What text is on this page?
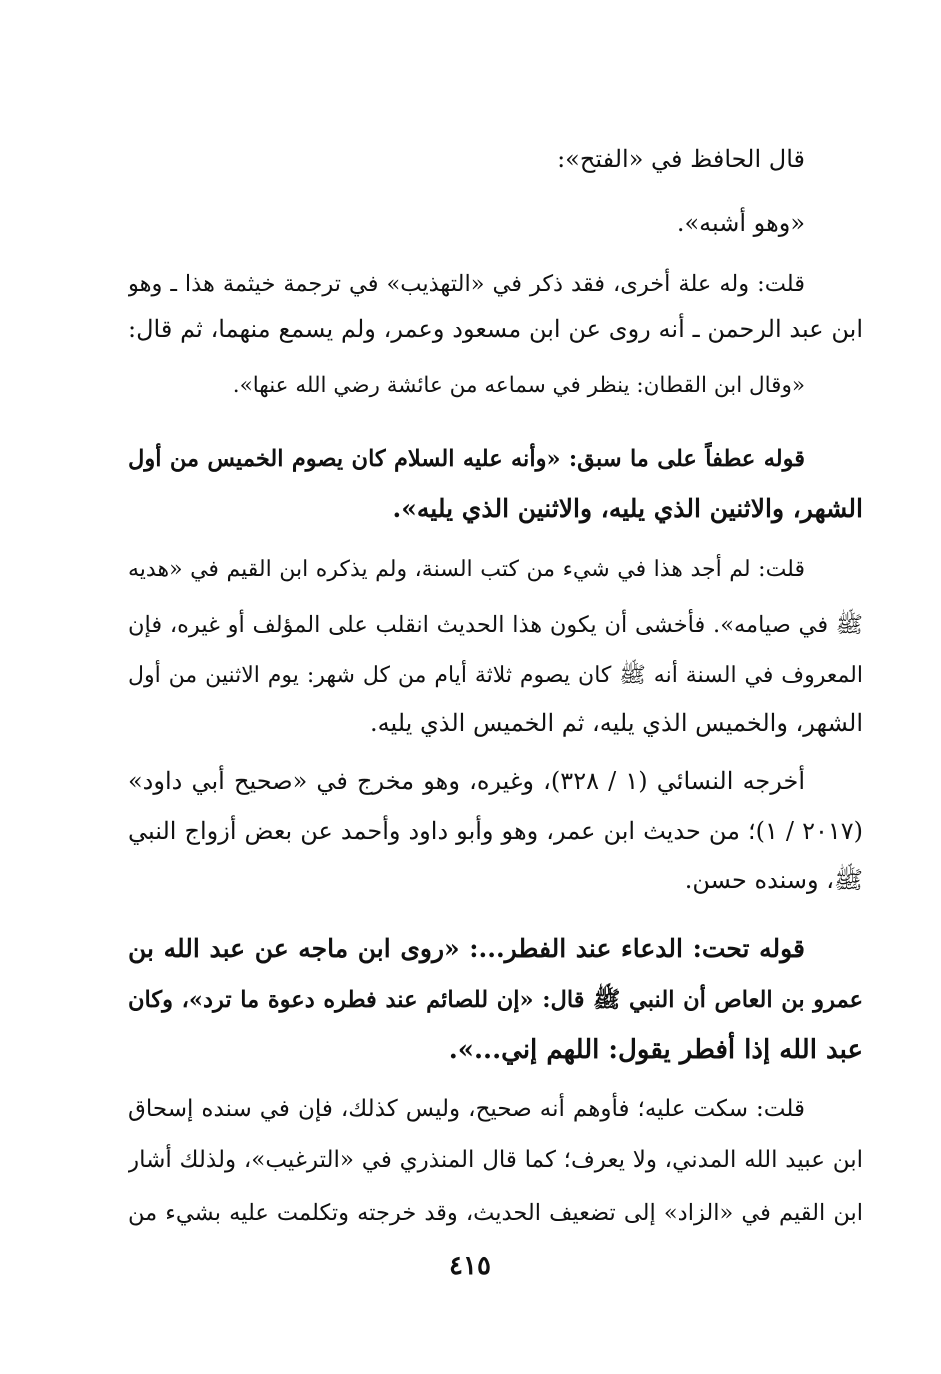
قال الحافظ في «الفتح»:
«وهو أشبه».
قلت: وله علة أخرى، فقد ذكر في «التهذيب» في ترجمة خيثمة هذا ـ وهو
ابن عبد الرحمن ـ أنه روى عن ابن مسعود وعمر، ولم يسمع منهما، ثم قال:
«وقال ابن القطان: ينظر في سماعه من عائشة رضي الله عنها».
قوله عطفاً على ما سبق: «وأنه عليه السلام كان يصوم الخميس من أول
الشهر، والاثنين الذي يليه، والاثنين الذي يليه».
قلت: لم أجد هذا في شيء من كتب السنة، ولم يذكره ابن القيم في «هديه
ﷺ في صيامه». فأخشى أن يكون هذا الحديث انقلب على المؤلف أو غيره، فإن
المعروف في السنة أنه ﷺ كان يصوم ثلاثة أيام من كل شهر: يوم الاثنين من أول
الشهر، والخميس الذي يليه، ثم الخميس الذي يليه.
أخرجه النسائي (١ / ٣٢٨)، وغيره، وهو مخرج في «صحيح أبي داود»
(٢٠١٧ / ١)؛ من حديث ابن عمر، وهو وأبو داود وأحمد عن بعض أزواج النبي
ﷺ، وسنده حسن.
قوله تحت: الدعاء عند الفطر...: «روى ابن ماجه عن عبد الله بن
عمرو بن العاص أن النبي ﷺ قال: «إن للصائم عند فطره دعوة ما ترد»، وكان
عبد الله إذا أفطر يقول: اللهم إني...».
قلت: سكت عليه؛ فأوهم أنه صحيح، وليس كذلك، فإن في سنده إسحاق
ابن عبيد الله المدني، ولا يعرف؛ كما قال المنذري في «الترغيب»، ولذلك أشار
ابن القيم في «الزاد» إلى تضعيف الحديث، وقد خرجته وتكلمت عليه بشيء من
٤١٥
